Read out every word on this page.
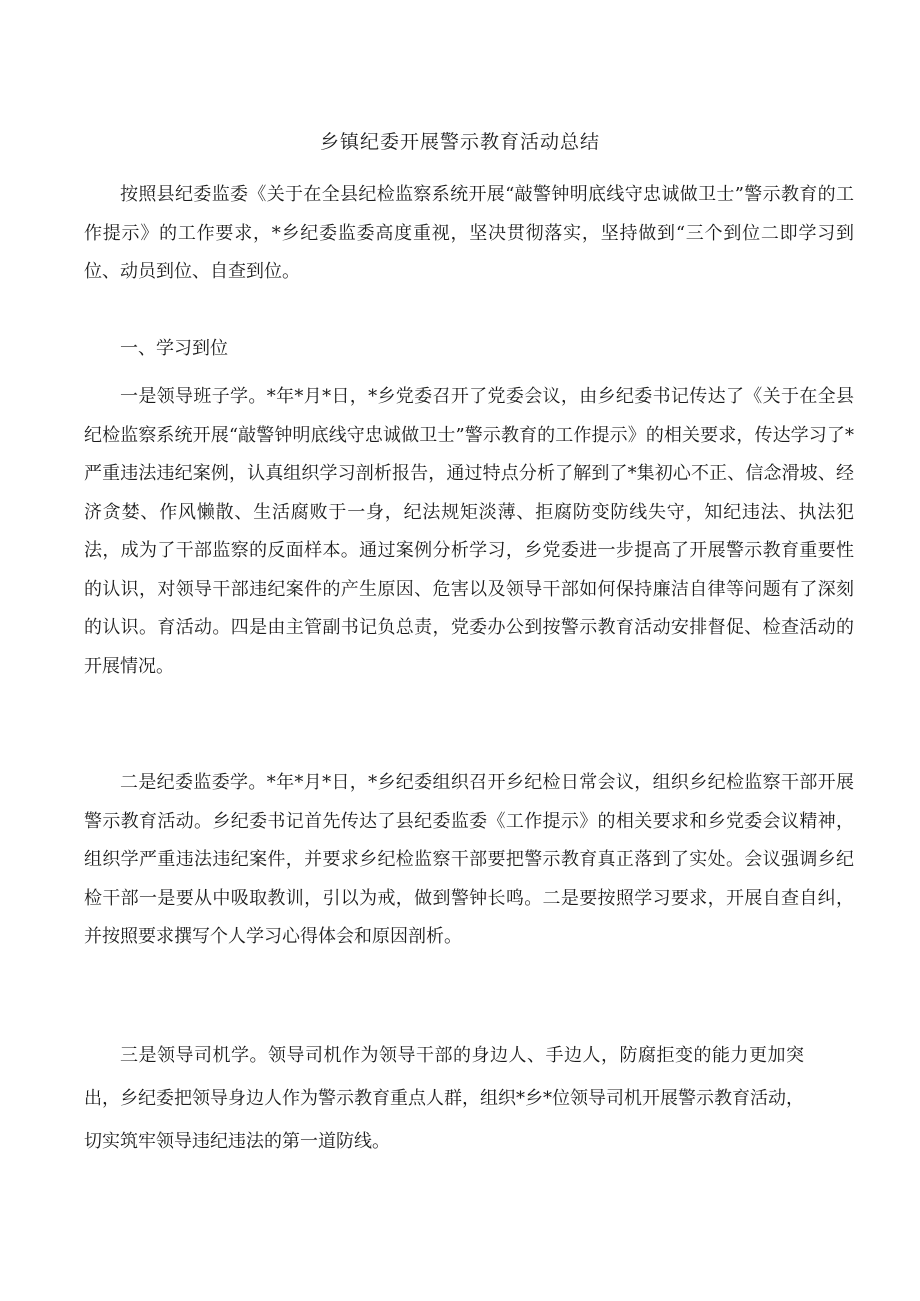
乡镇纪委开展警示教育活动总结

按照县纪委监委《关于在全县纪检监察系统开展“敲警钟明底线守忠诚做卫士”警示教育的工作提示》的工作要求，*乡纪委监委高度重视，坚决贯彻落实，坚持做到“三个到位二即学习到位、动员到位、自查到位。

一、学习到位

一是领导班子学。*年*月*日，*乡党委召开了党委会议，由乡纪委书记传达了《关于在全县纪检监察系统开展“敲警钟明底线守忠诚做卫士”警示教育的工作提示》的相关要求，传达学习了*严重违法违纪案例，认真组织学习剖析报告，通过特点分析了解到了*集初心不正、信念滑坡、经济贪婪、作风懒散、生活腐败于一身，纪法规矩淡薄、拒腐防变防线失守，知纪违法、执法犯法，成为了干部监察的反面样本。通过案例分析学习，乡党委进一步提高了开展警示教育重要性的认识，对领导干部违纪案件的产生原因、危害以及领导干部如何保持廉洁自律等问题有了深刻的认识。育活动。四是由主管副书记负总责，党委办公到按警示教育活动安排督促、检查活动的开展情况。

二是纪委监委学。*年*月*日，*乡纪委组织召开乡纪检日常会议，组织乡纪检监察干部开展警示教育活动。乡纪委书记首先传达了县纪委监委《工作提示》的相关要求和乡党委会议精神，组织学严重违法违纪案件，并要求乡纪检监察干部要把警示教育真正落到了实处。会议强调乡纪检干部一是要从中吸取教训，引以为戒，做到警钟长鸣。二是要按照学习要求，开展自查自纠，并按照要求撰写个人学习心得体会和原因剖析。

三是领导司机学。领导司机作为领导干部的身边人、手边人，防腐拒变的能力更加突出，乡纪委把领导身边人作为警示教育重点人群，组织*乡*位领导司机开展警示教育活动，切实筑牢领导违纪违法的第一道防线。
